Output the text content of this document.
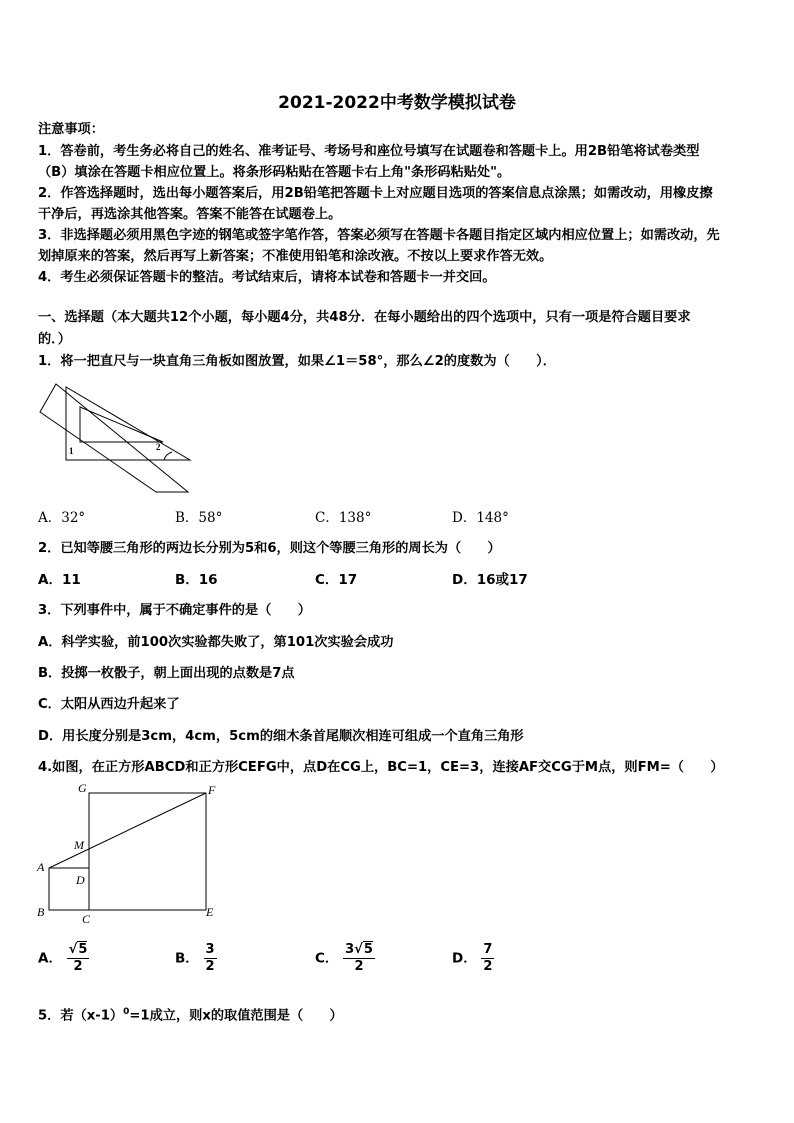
2021-2022中考数学模拟试卷
注意事项：
1．答卷前，考生务必将自己的姓名、准考证号、考场号和座位号填写在试题卷和答题卡上。用2B铅笔将试卷类型
（B）填涂在答题卡相应位置上。将条形码粘贴在答题卡右上角"条形码粘贴处"。
2．作答选择题时，选出每小题答案后，用2B铅笔把答题卡上对应题目选项的答案信息点涂黑；如需改动，用橡皮擦
干净后，再选涂其他答案。答案不能答在试题卷上。
3．非选择题必须用黑色字迹的钢笔或签字笔作答，答案必须写在答题卡各题目指定区域内相应位置上；如需改动，先
划掉原来的答案，然后再写上新答案；不准使用铅笔和涂改液。不按以上要求作答无效。
4．考生必须保证答题卡的整洁。考试结束后，请将本试卷和答题卡一并交回。
一、选择题（本大题共12个小题，每小题4分，共48分．在每小题给出的四个选项中，只有一项是符合题目要求
的．）
1．将一把直尺与一块直角三角板如图放置，如果∠1＝58°，那么∠2的度数为（　　）．
1	2
A．32°	B．58°	C．138°	D．148°
2．已知等腰三角形的两边长分别为5和6，则这个等腰三角形的周长为（　　）
A．11	B．16	C．17	D．16或17
3．下列事件中，属于不确定事件的是（　　）
A．科学实验，前100次实验都失败了，第101次实验会成功
B．投掷一枚骰子，朝上面出现的点数是7点
C．太阳从西边升起来了
D．用长度分别是3cm，4cm，5cm的细木条首尾顺次相连可组成一个直角三角形
4.如图，在正方形ABCD和正方形CEFG中，点D在CG上，BC=1，CE=3，连接AF交CG于M点，则FM=（　　）
G	F
M
A
D
B	C	E
A． $\frac{√5}{2}$	B． $\frac{3}{2}$	C． $\frac{3√5}{2}$	D． $\frac{7}{2}$
5．若$(x-1)^0=1$成立，则x的取值范围是（　　）
